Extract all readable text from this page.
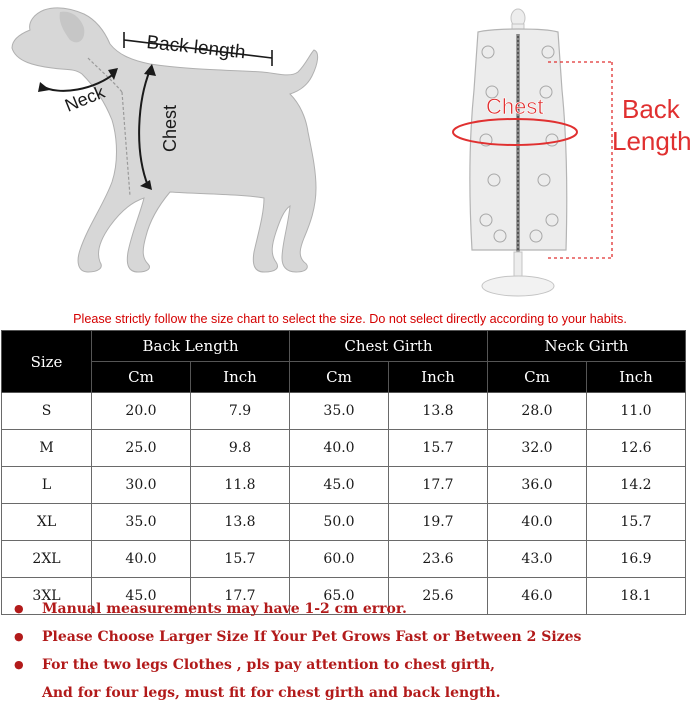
Back length
Neck
Chest	Chest	Back
Length
Please strictly follow the size chart to select the size. Do not select directly according to your habits.
Size	Back Length		Chest Girth		Neck Girth	
	Cm	Inch	Cm	Inch	Cm	Inch
S	20.0	7.9	35.0	13.8	28.0	11.0
M	25.0	9.8	40.0	15.7	32.0	12.6
L	30.0	11.8	45.0	17.7	36.0	14.2
XL	35.0	13.8	50.0	19.7	40.0	15.7
2XL	40.0	15.7	60.0	23.6	43.0	16.9
3XL	45.0	17.7	65.0	25.6	46.0	18.1
● Manual measurements may have 1-2 cm error.
● Please Choose Larger Size If Your Pet Grows Fast or Between 2 Sizes
● For the two legs Clothes , pls pay attention to chest girth,
And for four legs, must fit for chest girth and back length.
